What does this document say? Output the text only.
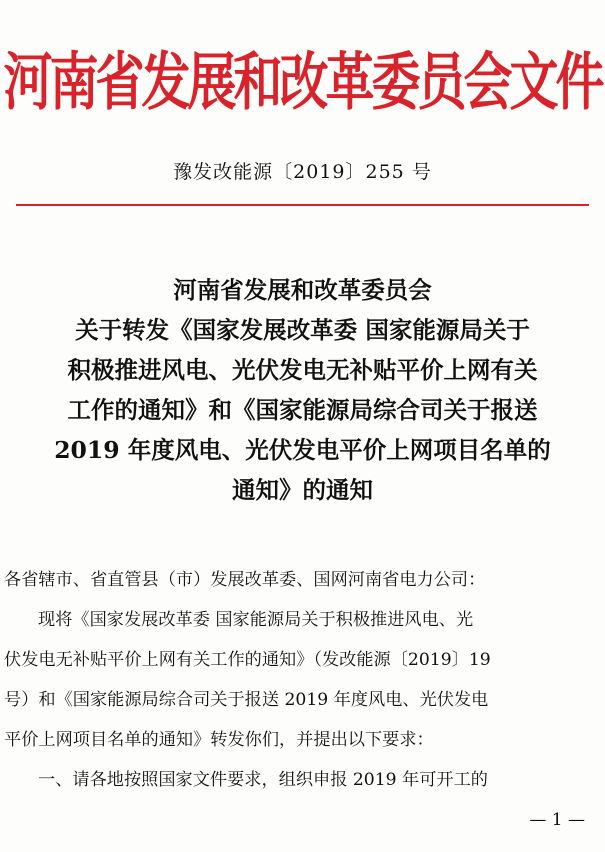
河南省发展和改革委员会文件
豫发改能源〔2019〕255 号
河南省发展和改革委员会
关于转发《国家发展改革委 国家能源局关于
积极推进风电、光伏发电无补贴平价上网有关
工作的通知》和《国家能源局综合司关于报送
2019 年度风电、光伏发电平价上网项目名单的
通知》的通知

各省辖市、省直管县（市）发展改革委、国网河南省电力公司：

现将《国家发展改革委 国家能源局关于积极推进风电、光

伏发电无补贴平价上网有关工作的通知》（发改能源〔2019〕19

号）和《国家能源局综合司关于报送 2019 年度风电、光伏发电

平价上网项目名单的通知》转发你们，并提出以下要求：

一、请各地按照国家文件要求，组织申报 2019 年可开工的

— 1 —
